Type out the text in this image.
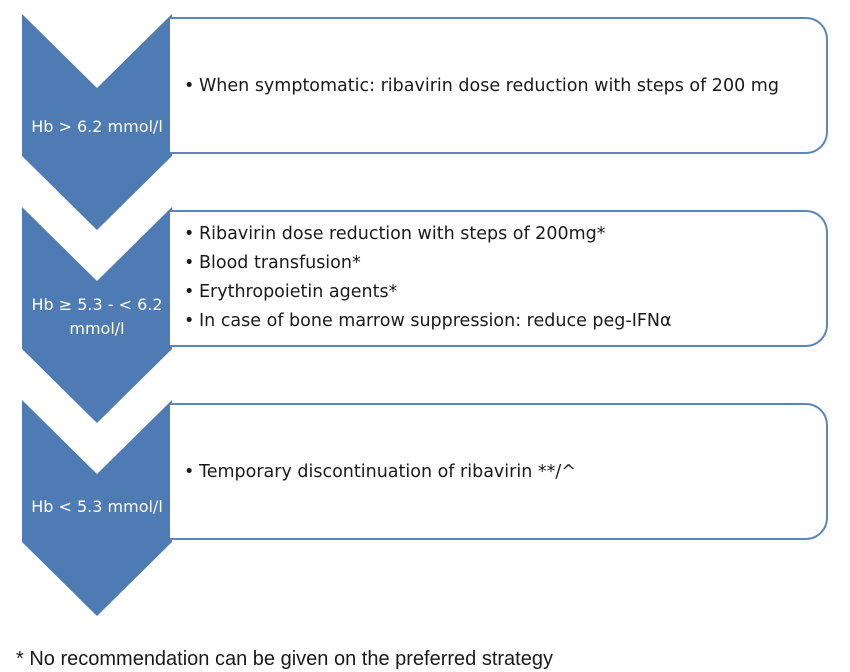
• When symptomatic: ribavirin dose reduction with steps of 200 mg
Hb > 6.2 mmol/l
• Ribavirin dose reduction with steps of 200mg*
• Blood transfusion*
• Erythropoietin agents*
• In case of bone marrow suppression: reduce peg-IFNα
Hb ≥ 5.3 - < 6.2
mmol/l
• Temporary discontinuation of ribavirin **/^
Hb < 5.3 mmol/l
* No recommendation can be given on the preferred strategy
